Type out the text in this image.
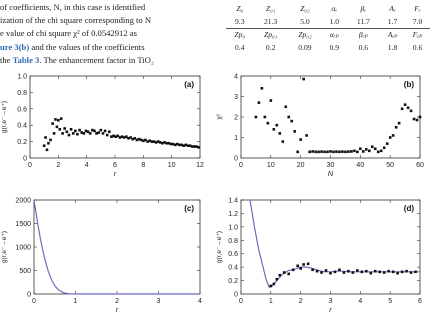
of coefficients, N, in this case is identified
ization of the chi square corresponding to N
e value of chi square χ² of 0.0542912 as
ure 3(b) and the values of the coefficients
the Table 3. The enhancement factor in TiO₂
Z₀	Z₀₁	Z₀₂	αₑ	βₑ	Aₑ	Fₑ
9.3	21.3	5.0	1.0	11.7	1.7	7.0
Zp₀	Zp₀₁	Zp₀₂	αₑₚ	βₑₚ	Aₑₚ	Fₑₚ
0.4	0.2	0.09	0.9	0.6	1.8	0.6
0	2	4	6	8	10	12
0
0.2
0.4
0.6
0.8
1.0
r
g(r,e⁻→e⁺)
(a)
0	10	20	30	40	50	60
0
1
2
3
4
N
χ²
(b)
0	1	2	3	4
0
500
1000
1500
2000
r
g(r,e⁻→e⁺)
(c)
0	1	2	3	4	5	6
0
0.2
0.4
0.6
0.8
1.0
1.2
1.4
r
g(r,e⁻→e⁺)
(d)
